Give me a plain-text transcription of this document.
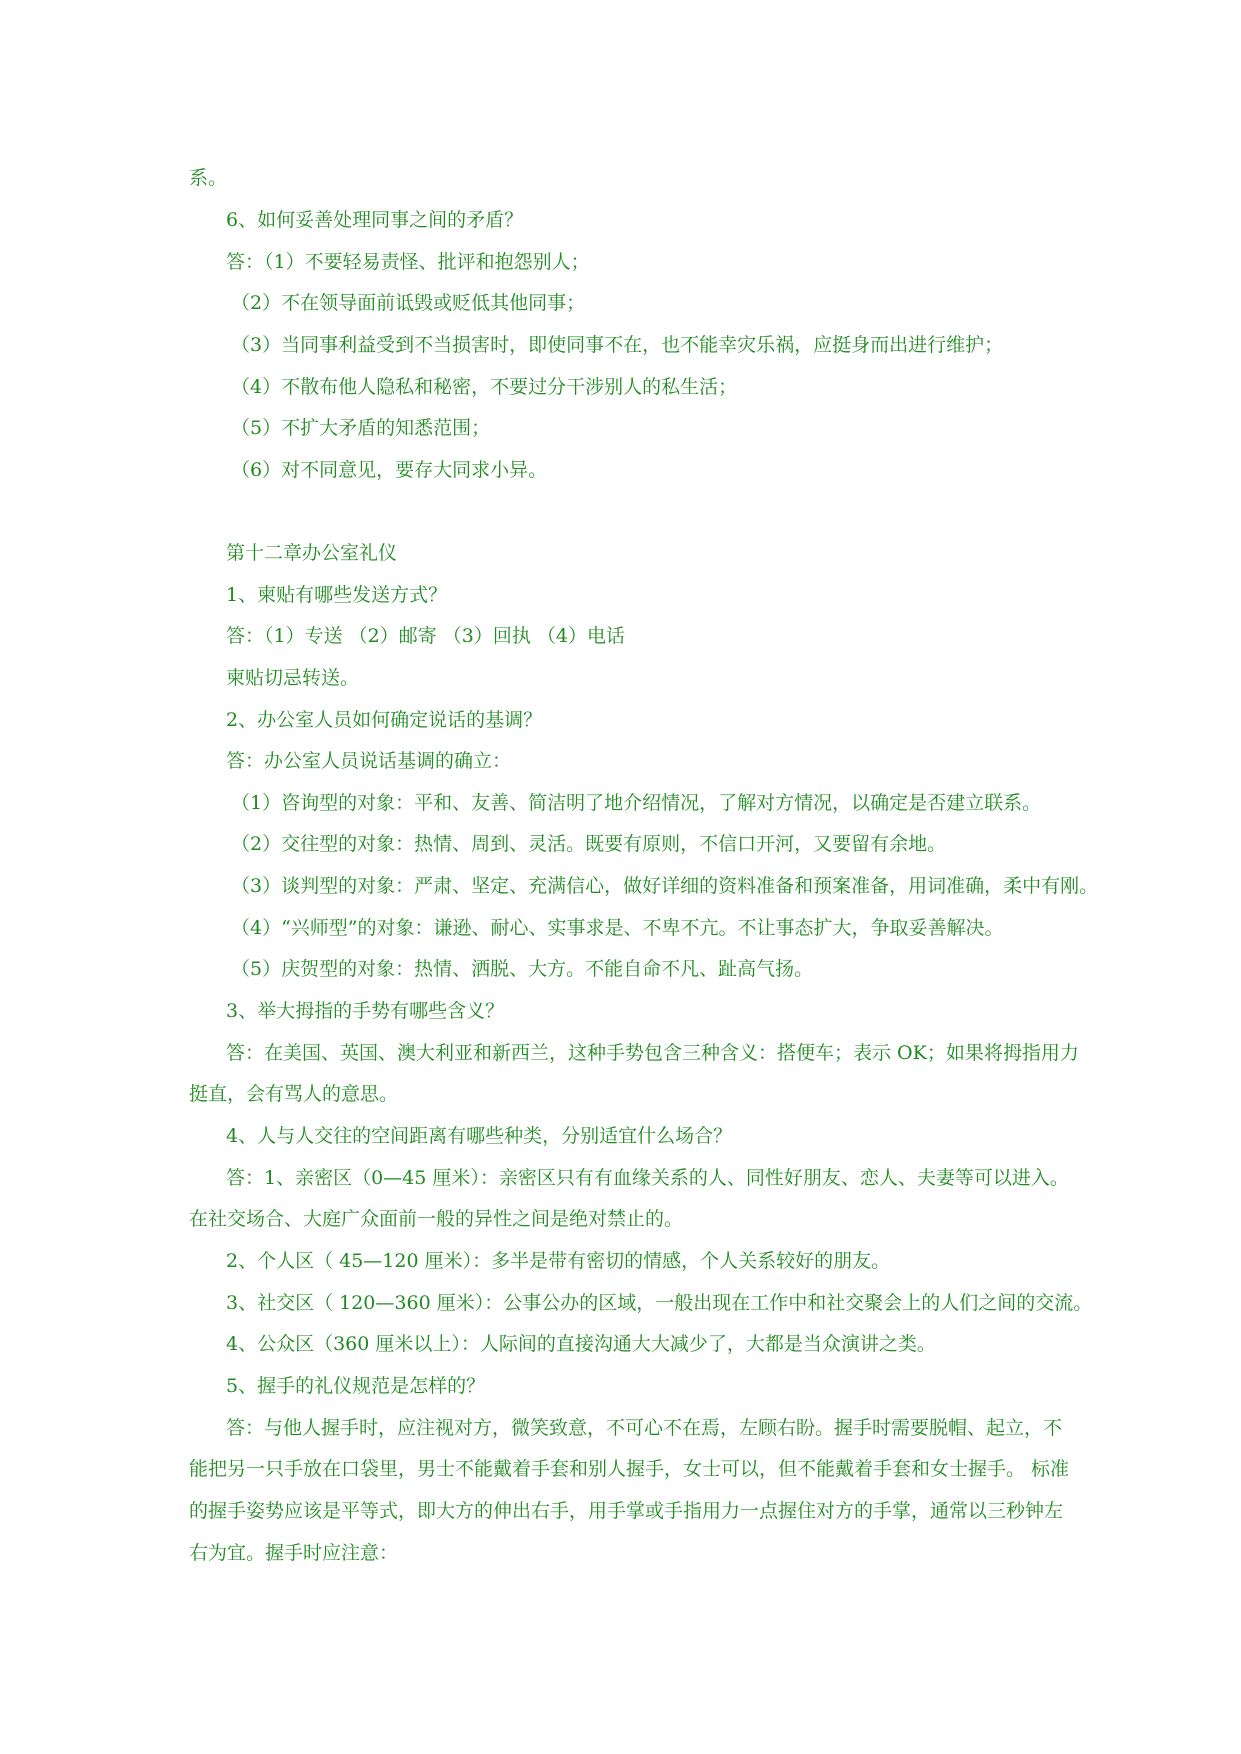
系。
6、如何妥善处理同事之间的矛盾？
答：（1）不要轻易责怪、批评和抱怨别人；
（2）不在领导面前诋毁或贬低其他同事；
（3）当同事利益受到不当损害时，即使同事不在，也不能幸灾乐祸，应挺身而出进行维护；
（4）不散布他人隐私和秘密，不要过分干涉别人的私生活；
（5）不扩大矛盾的知悉范围；
（6）对不同意见，要存大同求小异。
第十二章办公室礼仪
1、柬贴有哪些发送方式？
答：（1）专送 （2）邮寄 （3）回执 （4）电话
柬贴切忌转送。
2、办公室人员如何确定说话的基调？
答：办公室人员说话基调的确立：
（1）咨询型的对象：平和、友善、简洁明了地介绍情况，了解对方情况，以确定是否建立联系。
（2）交往型的对象：热情、周到、灵活。既要有原则，不信口开河，又要留有余地。
（3）谈判型的对象：严肃、坚定、充满信心，做好详细的资料准备和预案准备，用词准确，柔中有刚。
（4）“兴师型”的对象：谦逊、耐心、实事求是、不卑不亢。不让事态扩大，争取妥善解决。
（5）庆贺型的对象：热情、洒脱、大方。不能自命不凡、趾高气扬。
3、举大拇指的手势有哪些含义？
答：在美国、英国、澳大利亚和新西兰，这种手势包含三种含义：搭便车；表示 OK；如果将拇指用力
挺直，会有骂人的意思。
4、人与人交往的空间距离有哪些种类，分别适宜什么场合？
答：1、亲密区（0—45 厘米）：亲密区只有有血缘关系的人、同性好朋友、恋人、夫妻等可以进入。
在社交场合、大庭广众面前一般的异性之间是绝对禁止的。
2、个人区（ 45—120 厘米）：多半是带有密切的情感，个人关系较好的朋友。
3、社交区（ 120—360 厘米）：公事公办的区域，一般出现在工作中和社交聚会上的人们之间的交流。
4、公众区（360 厘米以上）：人际间的直接沟通大大减少了，大都是当众演讲之类。
5、握手的礼仪规范是怎样的？
答：与他人握手时，应注视对方，微笑致意，不可心不在焉，左顾右盼。握手时需要脱帽、起立，不
能把另一只手放在口袋里，男士不能戴着手套和别人握手，女士可以，但不能戴着手套和女士握手。 标准
的握手姿势应该是平等式，即大方的伸出右手，用手掌或手指用力一点握住对方的手掌，通常以三秒钟左
右为宜。握手时应注意：
